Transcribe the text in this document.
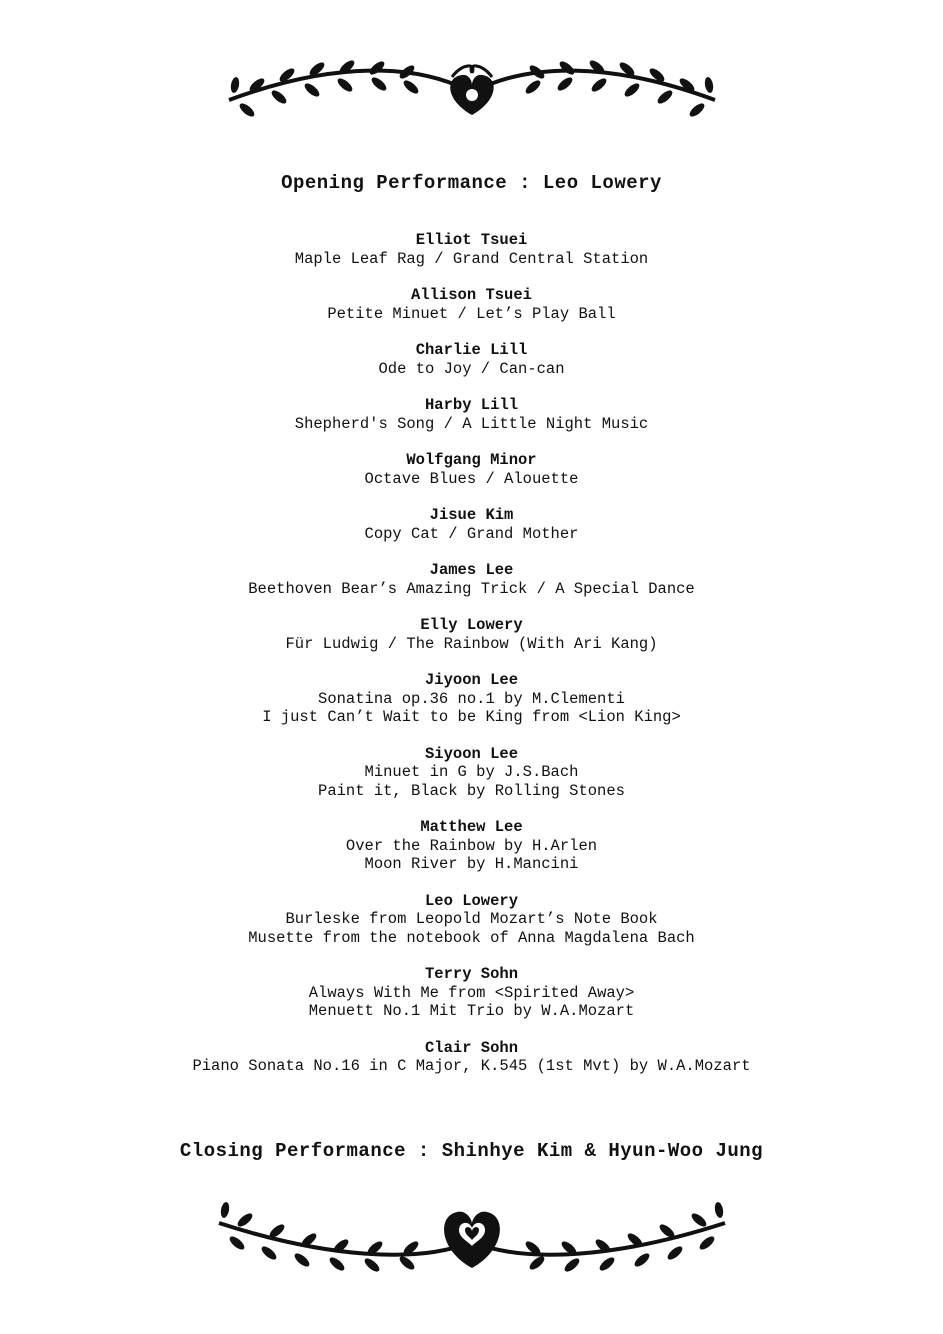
Opening Performance : Leo Lowery
Elliot Tsuei
Maple Leaf Rag / Grand Central Station
Allison Tsuei
Petite Minuet / Let’s Play Ball
Charlie Lill
Ode to Joy / Can-can
Harby Lill
Shepherd's Song / A Little Night Music
Wolfgang Minor
Octave Blues / Alouette
Jisue Kim
Copy Cat / Grand Mother
James Lee
Beethoven Bear’s Amazing Trick / A Special Dance
Elly Lowery
Für Ludwig / The Rainbow (With Ari Kang)
Jiyoon Lee
Sonatina op.36 no.1 by M.Clementi
I just Can’t Wait to be King from <Lion King>
Siyoon Lee
Minuet in G by J.S.Bach
Paint it, Black by Rolling Stones
Matthew Lee
Over the Rainbow by H.Arlen
Moon River by H.Mancini
Leo Lowery
Burleske from Leopold Mozart’s Note Book
Musette from the notebook of Anna Magdalena Bach
Terry Sohn
Always With Me from <Spirited Away>
Menuett No.1 Mit Trio by W.A.Mozart
Clair Sohn
Piano Sonata No.16 in C Major, K.545 (1st Mvt) by W.A.Mozart
Closing Performance : Shinhye Kim & Hyun-Woo Jung
